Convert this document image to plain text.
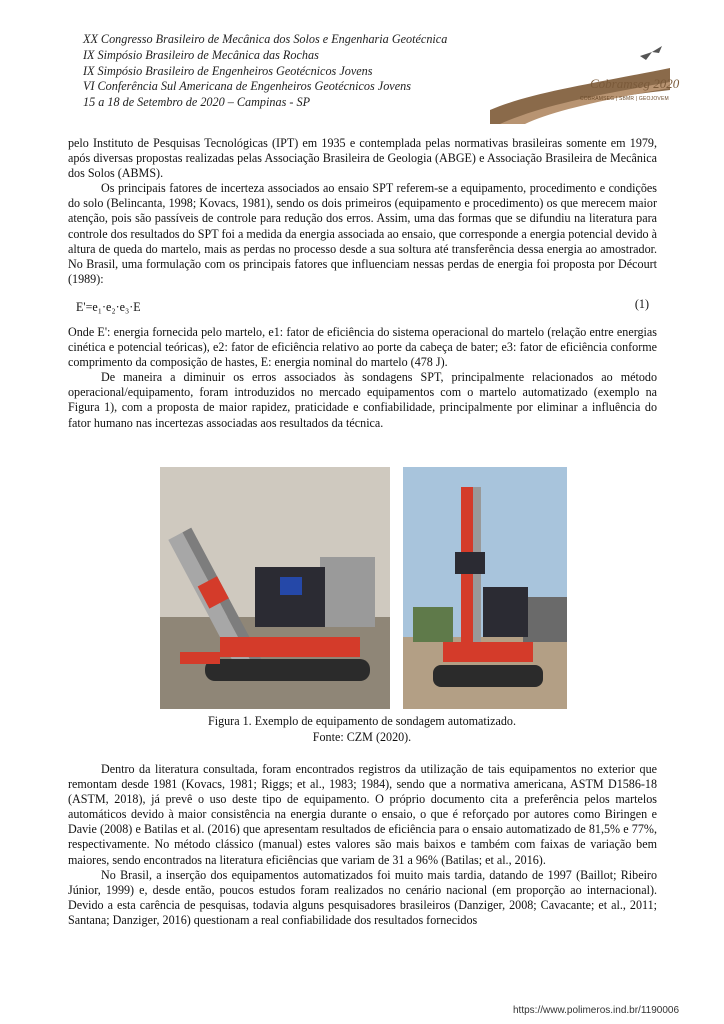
XX Congresso Brasileiro de Mecânica dos Solos e Engenharia Geotécnica
IX Simpósio Brasileiro de Mecânica das Rochas
IX Simpósio Brasileiro de Engenheiros Geotécnicos Jovens
VI Conferência Sul Americana de Engenheiros Geotécnicos Jovens
15 a 18 de Setembro de 2020 – Campinas - SP
Cobramseg 2020
COBRAMSEG | SBMR | GEOJOVEM

pelo Instituto de Pesquisas Tecnológicas (IPT) em 1935 e contemplada pelas normativas brasileiras somente em 1979, após diversas propostas realizadas pelas Associação Brasileira de Geologia (ABGE) e Associação Brasileira de Mecânica dos Solos (ABMS).

Os principais fatores de incerteza associados ao ensaio SPT referem-se a equipamento, procedimento e condições do solo (Belincanta, 1998; Kovacs, 1981), sendo os dois primeiros (equipamento e procedimento) os que merecem maior atenção, pois são passíveis de controle para redução dos erros. Assim, uma das formas que se difundiu na literatura para controle dos resultados do SPT foi a medida da energia associada ao ensaio, que corresponde a energia potencial devido à altura de queda do martelo, mais as perdas no processo desde a sua soltura até transferência dessa energia ao amostrador. No Brasil, uma formulação com os principais fatores que influenciam nessas perdas de energia foi proposta por Décourt (1989):

E'=e₁·e₂·e₃·E	(1)

Onde E': energia fornecida pelo martelo, e1: fator de eficiência do sistema operacional do martelo (relação entre energias cinética e potencial teóricas), e2: fator de eficiência relativo ao porte da cabeça de bater; e3: fator de eficiência conforme comprimento da composição de hastes, E: energia nominal do martelo (478 J).

De maneira a diminuir os erros associados às sondagens SPT, principalmente relacionados ao método operacional/equipamento, foram introduzidos no mercado equipamentos com o martelo automatizado (exemplo na Figura 1), com a proposta de maior rapidez, praticidade e confiabilidade, principalmente por eliminar a influência do fator humano nas incertezas associadas aos resultados da técnica.

Figura 1. Exemplo de equipamento de sondagem automatizado.
Fonte: CZM (2020).

Dentro da literatura consultada, foram encontrados registros da utilização de tais equipamentos no exterior que remontam desde 1981 (Kovacs, 1981; Riggs; et al., 1983; 1984), sendo que a normativa americana, ASTM D1586-18 (ASTM, 2018), já prevê o uso deste tipo de equipamento. O próprio documento cita a preferência pelos martelos automáticos devido à maior consistência na energia durante o ensaio, o que é reforçado por autores como Biringen e Davie (2008) e Batilas et al. (2016) que apresentam resultados de eficiência para o ensaio automatizado de 81,5% e 77%, respectivamente. No método clássico (manual) estes valores são mais baixos e também com faixas de variação bem maiores, sendo encontrados na literatura eficiências que variam de 31 a 96% (Batilas; et al., 2016).

No Brasil, a inserção dos equipamentos automatizados foi muito mais tardia, datando de 1997 (Baillot; Ribeiro Júnior, 1999) e, desde então, poucos estudos foram realizados no cenário nacional (em proporção ao internacional). Devido a esta carência de pesquisas, todavia alguns pesquisadores brasileiros (Danziger, 2008; Cavacante; et al., 2011; Santana; Danziger, 2016) questionam a real confiabilidade dos resultados fornecidos

https://www.polimeros.ind.br/1190006
